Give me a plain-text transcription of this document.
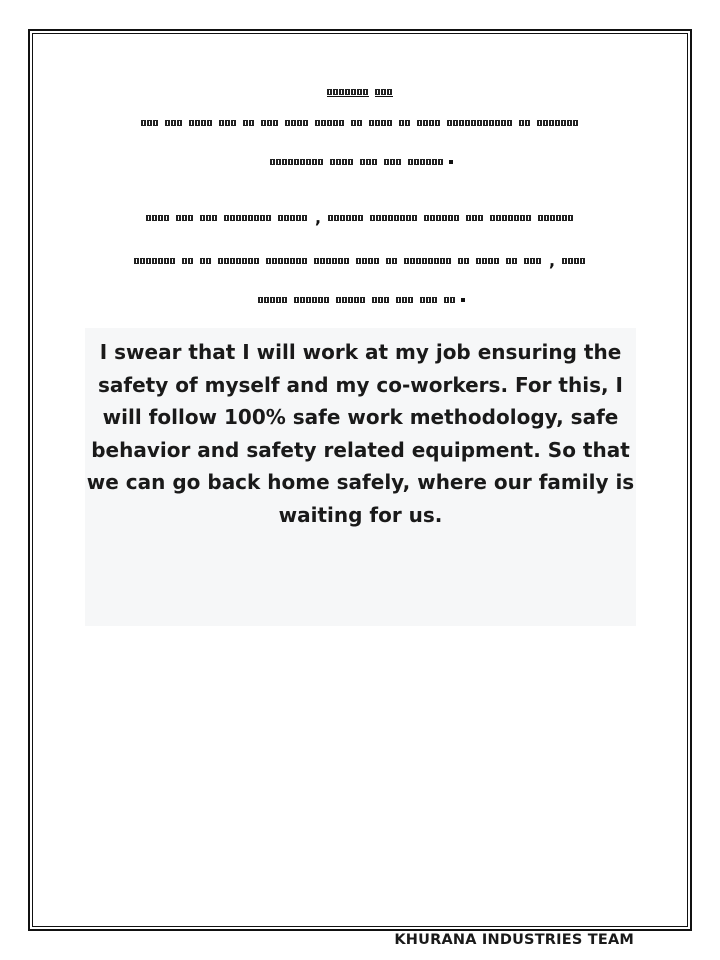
,
,

I swear that I will work at my job ensuring the safety of myself and my co-workers. For this, I will follow 100% safe work methodology, safe behavior and safety related equipment. So that we can go back home safely, where our family is waiting for us.

KHURANA INDUSTRIES TEAM
